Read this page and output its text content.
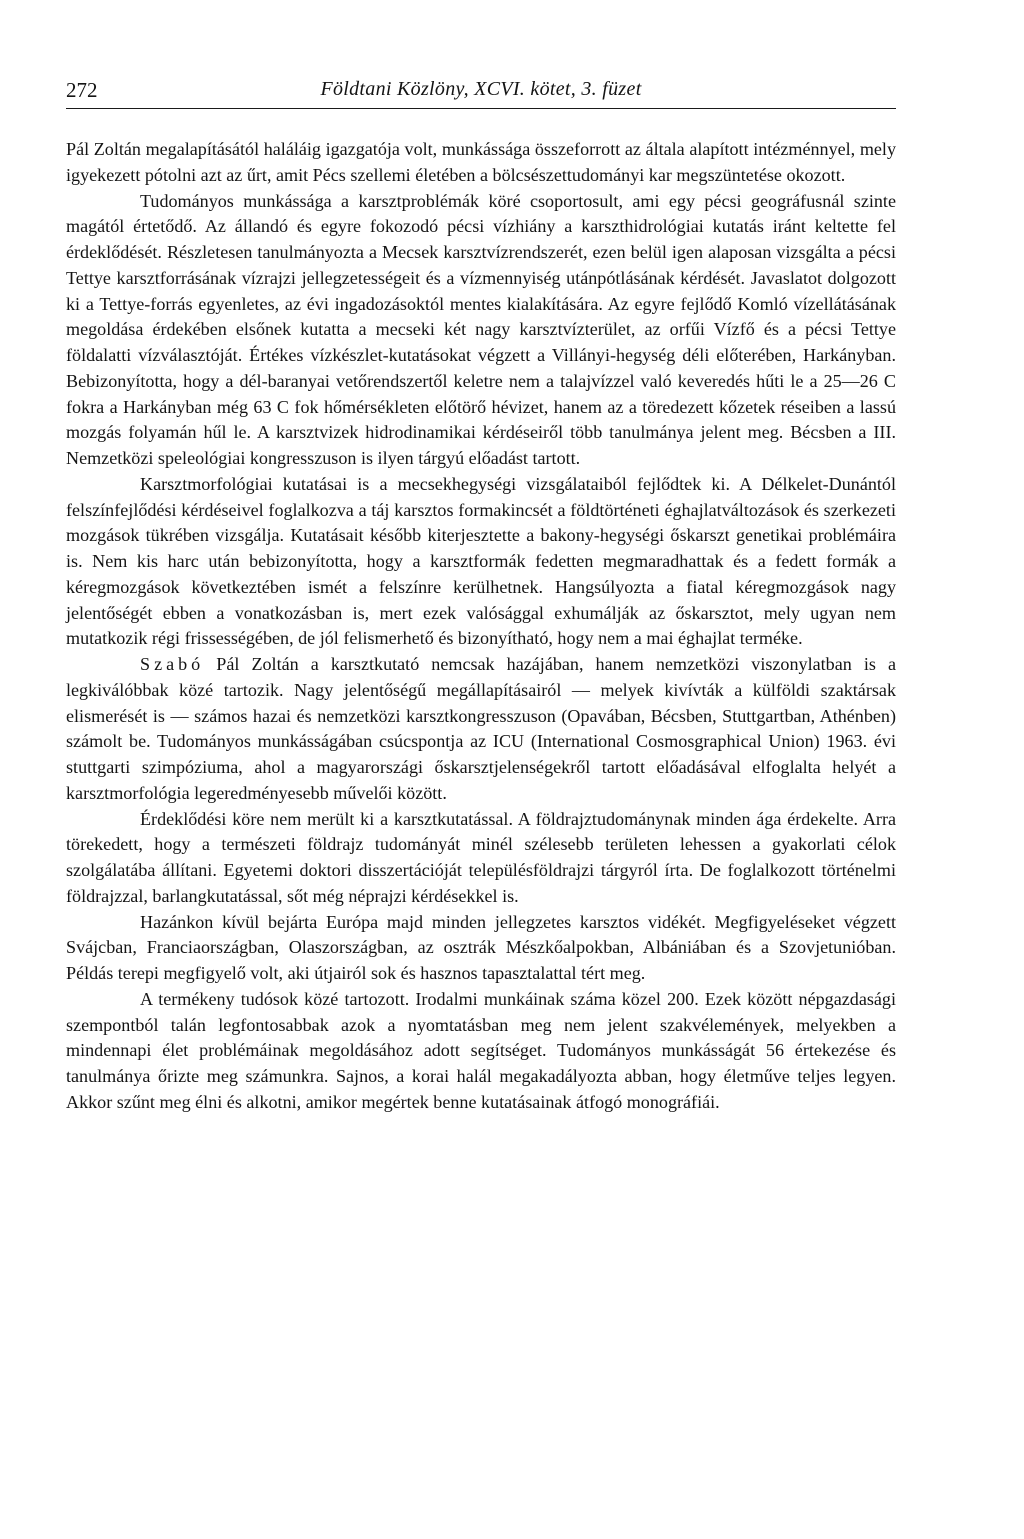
272	Földtani Közlöny, XCVI. kötet, 3. füzet

Pál Zoltán megalapításától haláláig igazgatója volt, munkássága összeforrott az általa alapított intézménnyel, mely igyekezett pótolni azt az űrt, amit Pécs szellemi életében a bölcsészettudományi kar megszüntetése okozott.

Tudományos munkássága a karsztproblémák köré csoportosult, ami egy pécsi geográfusnál szinte magától értetődő. Az állandó és egyre fokozodó pécsi vízhiány a karszthidrológiai kutatás iránt keltette fel érdeklődését. Részletesen tanulmányozta a Mecsek karsztvízrendszerét, ezen belül igen alaposan vizsgálta a pécsi Tettye karsztforrásának vízrajzi jellegzetességeit és a vízmennyiség utánpótlásának kérdését. Javaslatot dolgozott ki a Tettye-forrás egyenletes, az évi ingadozásoktól mentes kialakítására. Az egyre fejlődő Komló vízellátásának megoldása érdekében elsőnek kutatta a mecseki két nagy karsztvízterület, az orfűi Vízfő és a pécsi Tettye földalatti vízválasztóját. Értékes vízkészlet-kutatásokat végzett a Villányi-hegység déli előterében, Harkányban. Bebizonyította, hogy a dél-baranyai vetőrendszertől keletre nem a talajvízzel való keveredés hűti le a 25—26 C fokra a Harkányban még 63 C fok hőmérsékleten előtörő hévizet, hanem az a töredezett kőzetek réseiben a lassú mozgás folyamán hűl le. A karsztvizek hidrodinamikai kérdéseiről több tanulmánya jelent meg. Bécsben a III. Nemzetközi speleológiai kongresszuson is ilyen tárgyú előadást tartott.

Karsztmorfológiai kutatásai is a mecsekhegységi vizsgálataiból fejlődtek ki. A Délkelet-Dunántól felszínfejlődési kérdéseivel foglalkozva a táj karsztos formakincsét a földtörténeti éghajlatváltozások és szerkezeti mozgások tükrében vizsgálja. Kutatásait később kiterjesztette a bakony-hegységi őskarszt genetikai problémáira is. Nem kis harc után bebizonyította, hogy a karsztformák fedetten megmaradhattak és a fedett formák a kéregmozgások következtében ismét a felszínre kerülhetnek. Hangsúlyozta a fiatal kéregmozgások nagy jelentőségét ebben a vonatkozásban is, mert ezek valósággal exhumálják az őskarsztot, mely ugyan nem mutatkozik régi frissességében, de jól felismerhető és bizonyítható, hogy nem a mai éghajlat terméke.

Szabó Pál Zoltán a karsztkutató nemcsak hazájában, hanem nemzetközi viszonylatban is a legkiválóbbak közé tartozik. Nagy jelentőségű megállapításairól — melyek kivívták a külföldi szaktársak elismerését is — számos hazai és nemzetközi karsztkongresszuson (Opavában, Bécsben, Stuttgartban, Athénben) számolt be. Tudományos munkásságában csúcspontja az ICU (International Cosmosgraphical Union) 1963. évi stuttgarti szimpóziuma, ahol a magyarországi őskarsztjelenségekről tartott előadásával elfoglalta helyét a karsztmorfológia legeredményesebb művelői között.

Érdeklődési köre nem merült ki a karsztkutatással. A földrajztudománynak minden ága érdekelte. Arra törekedett, hogy a természeti földrajz tudományát minél szélesebb területen lehessen a gyakorlati célok szolgálatába állítani. Egyetemi doktori disszertációját településföldrajzi tárgyról írta. De foglalkozott történelmi földrajzzal, barlangkutatással, sőt még néprajzi kérdésekkel is.

Hazánkon kívül bejárta Európa majd minden jellegzetes karsztos vidékét. Megfigyeléseket végzett Svájcban, Franciaországban, Olaszországban, az osztrák Mészkőalpokban, Albániában és a Szovjetunióban. Példás terepi megfigyelő volt, aki útjairól sok és hasznos tapasztalattal tért meg.

A termékeny tudósok közé tartozott. Irodalmi munkáinak száma közel 200. Ezek között népgazdasági szempontból talán legfontosabbak azok a nyomtatásban meg nem jelent szakvélemények, melyekben a mindennapi élet problémáinak megoldásához adott segítséget. Tudományos munkásságát 56 értekezése és tanulmánya őrizte meg számunkra. Sajnos, a korai halál megakadályozta abban, hogy életműve teljes legyen. Akkor szűnt meg élni és alkotni, amikor megértek benne kutatásainak átfogó monográfiái.
